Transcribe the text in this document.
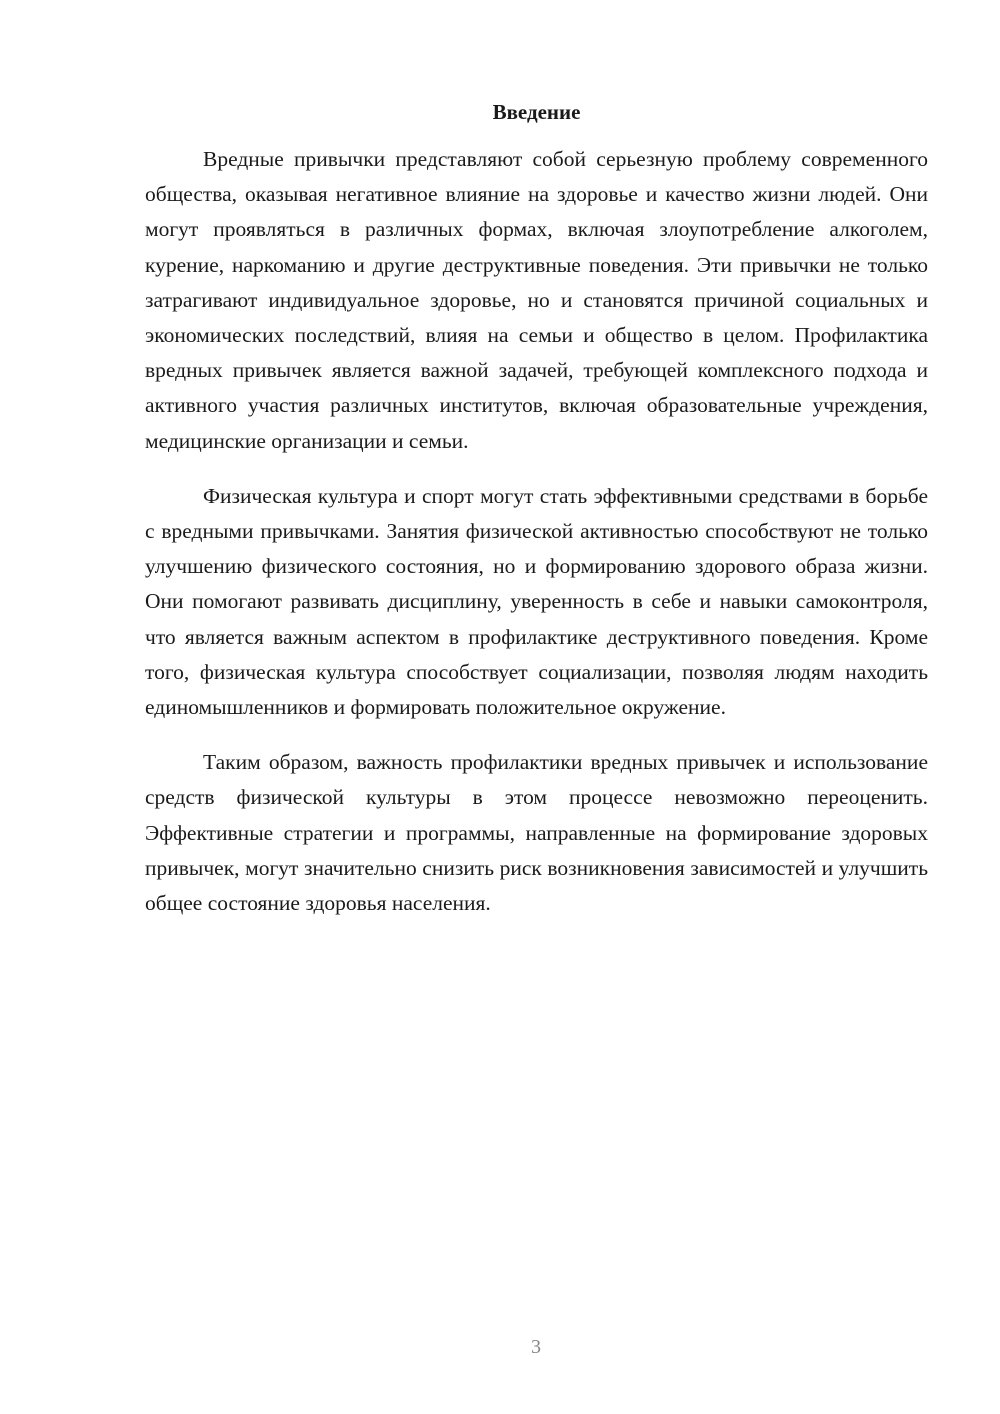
Введение

Вредные привычки представляют собой серьезную проблему современного общества, оказывая негативное влияние на здоровье и качество жизни людей. Они могут проявляться в различных формах, включая злоупотребление алкоголем, курение, наркоманию и другие деструктивные поведения. Эти привычки не только затрагивают индивидуальное здоровье, но и становятся причиной социальных и экономических последствий, влияя на семьи и общество в целом. Профилактика вредных привычек является важной задачей, требующей комплексного подхода и активного участия различных институтов, включая образовательные учреждения, медицинские организации и семьи.

Физическая культура и спорт могут стать эффективными средствами в борьбе с вредными привычками. Занятия физической активностью способствуют не только улучшению физического состояния, но и формированию здорового образа жизни. Они помогают развивать дисциплину, уверенность в себе и навыки самоконтроля, что является важным аспектом в профилактике деструктивного поведения. Кроме того, физическая культура способствует социализации, позволяя людям находить единомышленников и формировать положительное окружение.

Таким образом, важность профилактики вредных привычек и использование средств физической культуры в этом процессе невозможно переоценить. Эффективные стратегии и программы, направленные на формирование здоровых привычек, могут значительно снизить риск возникновения зависимостей и улучшить общее состояние здоровья населения.

3
